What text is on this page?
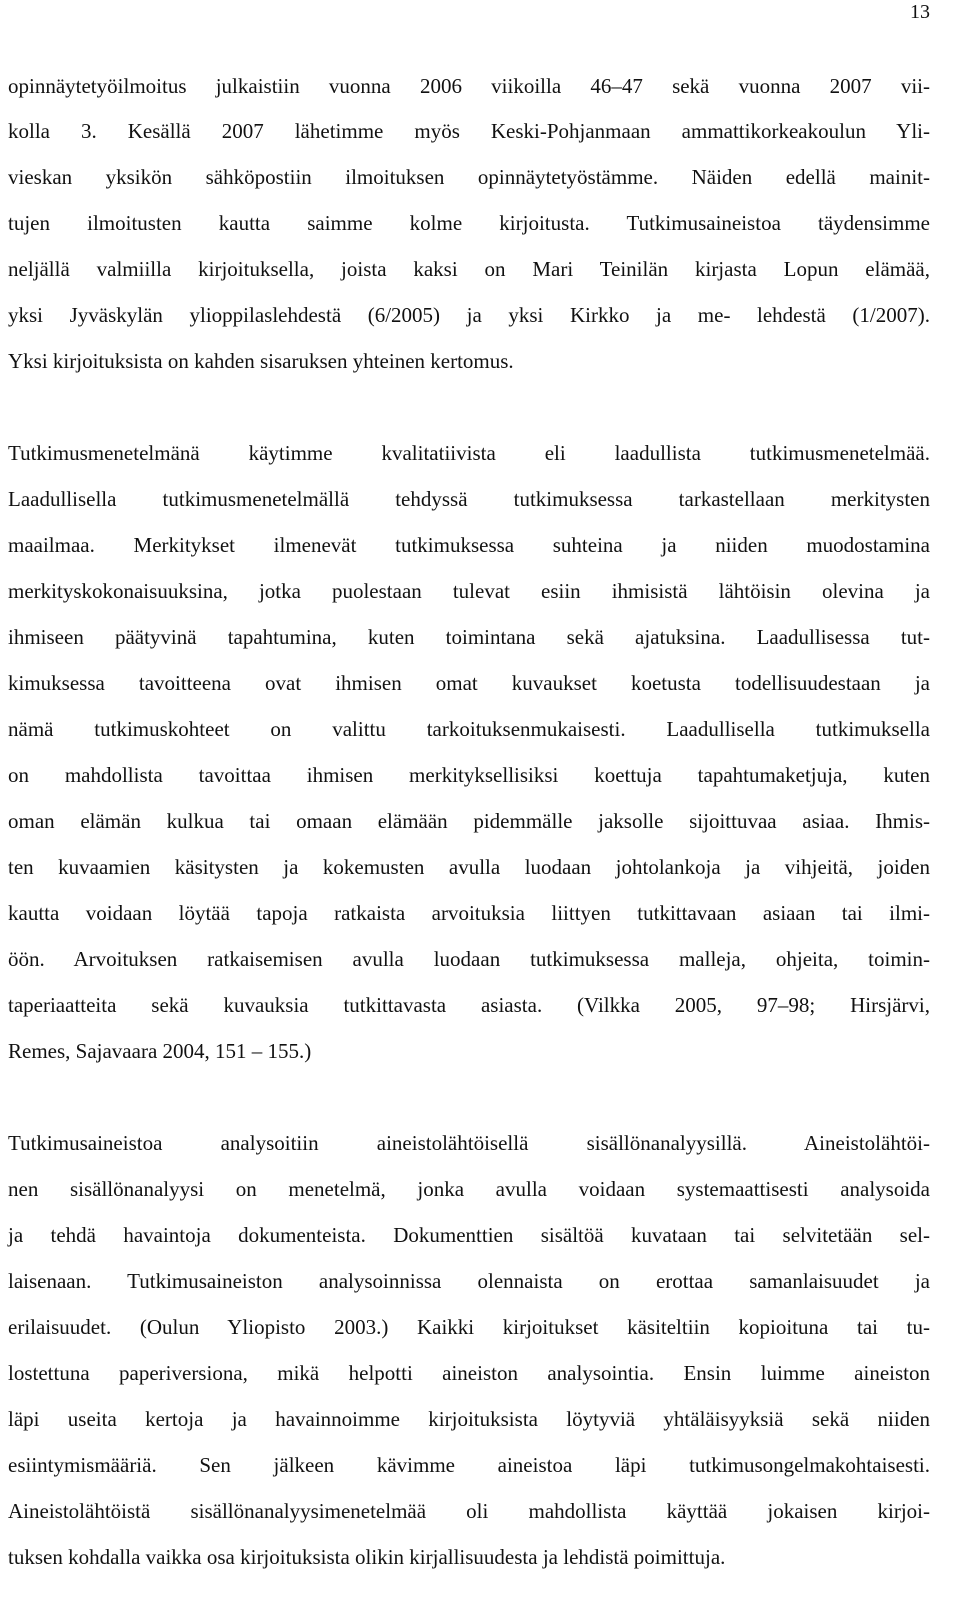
13

opinnäytetyöilmoitus julkaistiin vuonna 2006 viikoilla 46–47 sekä vuonna 2007 vii-

kolla 3. Kesällä 2007 lähetimme myös Keski-Pohjanmaan ammattikorkeakoulun Yli-

vieskan yksikön sähköpostiin ilmoituksen opinnäytetyöstämme. Näiden edellä mainit-

tujen ilmoitusten kautta saimme kolme kirjoitusta. Tutkimusaineistoa täydensimme

neljällä valmiilla kirjoituksella, joista kaksi on Mari Teinilän kirjasta Lopun elämää,

yksi Jyväskylän ylioppilaslehdestä (6/2005) ja yksi Kirkko ja me- lehdestä (1/2007).

Yksi kirjoituksista on kahden sisaruksen yhteinen kertomus.

Tutkimusmenetelmänä käytimme kvalitatiivista eli laadullista tutkimusmenetelmää.

Laadullisella tutkimusmenetelmällä tehdyssä tutkimuksessa tarkastellaan merkitysten

maailmaa. Merkitykset ilmenevät tutkimuksessa suhteina ja niiden muodostamina

merkityskokonaisuuksina, jotka puolestaan tulevat esiin ihmisistä lähtöisin olevina ja

ihmiseen päätyvinä tapahtumina, kuten toimintana sekä ajatuksina. Laadullisessa tut-

kimuksessa tavoitteena ovat ihmisen omat kuvaukset koetusta todellisuudestaan ja

nämä tutkimuskohteet on valittu tarkoituksenmukaisesti. Laadullisella tutkimuksella

on mahdollista tavoittaa ihmisen merkityksellisiksi koettuja tapahtumaketjuja, kuten

oman elämän kulkua tai omaan elämään pidemmälle jaksolle sijoittuvaa asiaa. Ihmis-

ten kuvaamien käsitysten ja kokemusten avulla luodaan johtolankoja ja vihjeitä, joiden

kautta voidaan löytää tapoja ratkaista arvoituksia liittyen tutkittavaan asiaan tai ilmi-

öön. Arvoituksen ratkaisemisen avulla luodaan tutkimuksessa malleja, ohjeita, toimin-

taperiaatteita sekä kuvauksia tutkittavasta asiasta. (Vilkka 2005, 97–98; Hirsjärvi,

Remes, Sajavaara 2004, 151 – 155.)

Tutkimusaineistoa analysoitiin aineistolähtöisellä sisällönanalyysillä. Aineistolähtöi-

nen sisällönanalyysi on menetelmä, jonka avulla voidaan systemaattisesti analysoida

ja tehdä havaintoja dokumenteista. Dokumenttien sisältöä kuvataan tai selvitetään sel-

laisenaan. Tutkimusaineiston analysoinnissa olennaista on erottaa samanlaisuudet ja

erilaisuudet. (Oulun Yliopisto 2003.) Kaikki kirjoitukset käsiteltiin kopioituna tai tu-

lostettuna paperiversiona, mikä helpotti aineiston analysointia. Ensin luimme aineiston

läpi useita kertoja ja havainnoimme kirjoituksista löytyviä yhtäläisyyksiä sekä niiden

esiintymismääriä. Sen jälkeen kävimme aineistoa läpi tutkimusongelmakohtaisesti.

Aineistolähtöistä sisällönanalyysimenetelmää oli mahdollista käyttää jokaisen kirjoi-

tuksen kohdalla vaikka osa kirjoituksista olikin kirjallisuudesta ja lehdistä poimittuja.
